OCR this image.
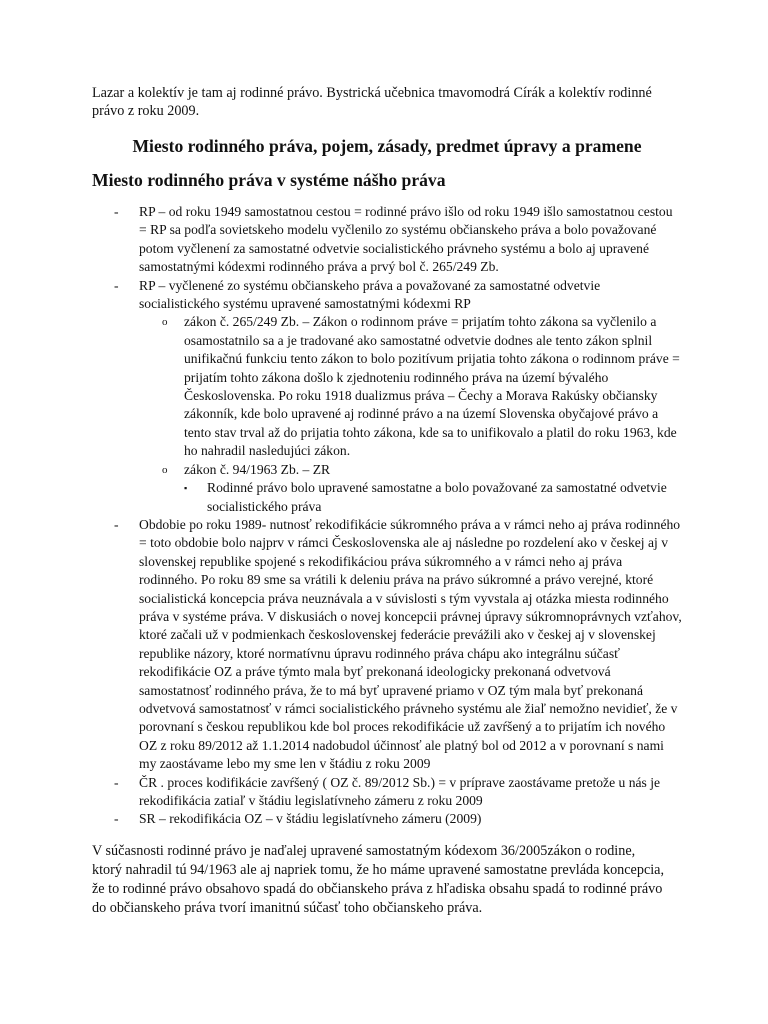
Lazar a kolektív je tam aj rodinné právo. Bystrická učebnica tmavomodrá Círák a kolektív rodinné právo z roku 2009.

Miesto rodinného práva, pojem, zásady, predmet úpravy a pramene
Miesto rodinného práva v systéme nášho práva
- RP – od roku 1949 samostatnou cestou = rodinné právo išlo od roku 1949 išlo samostatnou cestou = RP sa podľa sovietskeho modelu vyčlenilo zo systému občianskeho práva a bolo považované potom vyčlenení za samostatné odvetvie socialistického právneho systému a bolo aj upravené samostatnými kódexmi rodinného práva a prvý bol č. 265/249 Zb.
- RP – vyčlenené zo systému občianskeho práva a považované za samostatné odvetvie socialistického systému upravené samostatnými kódexmi RP
o zákon č. 265/249 Zb. – Zákon o rodinnom práve = prijatím tohto zákona sa vyčlenilo a osamostatnilo sa a je tradované ako samostatné odvetvie dodnes ale tento zákon splnil unifikačnú funkciu tento zákon to bolo pozitívum prijatia tohto zákona o rodinnom práve = prijatím tohto zákona došlo k zjednoteniu rodinného práva na území bývalého Československa. Po roku 1918 dualizmus práva – Čechy a Morava Rakúsky občiansky zákonník, kde bolo upravené aj rodinné právo a na území Slovenska obyčajové právo a tento stav trval až do prijatia tohto zákona, kde sa to unifikovalo a platil do roku 1963, kde ho nahradil nasledujúci zákon.
o zákon č. 94/1963 Zb. – ZR
▪ Rodinné právo bolo upravené samostatne a bolo považované za samostatné odvetvie socialistického práva
- Obdobie po roku 1989- nutnosť rekodifikácie súkromného práva a v rámci neho aj práva rodinného = toto obdobie bolo najprv v rámci Československa ale aj následne po rozdelení ako v českej aj v slovenskej republike spojené s rekodifikáciou práva súkromného a v rámci neho aj práva rodinného. Po roku 89 sme sa vrátili k deleniu práva na právo súkromné a právo verejné, ktoré socialistická koncepcia práva neuznávala a v súvislosti s tým vyvstala aj otázka miesta rodinného práva v systéme práva. V diskusiách o novej koncepcii právnej úpravy súkromnoprávnych vzťahov, ktoré začali už v podmienkach československej federácie prevážili ako v českej aj v slovenskej republike názory, ktoré normatívnu úpravu rodinného práva chápu ako integrálnu súčasť rekodifikácie OZ a práve týmto mala byť prekonaná ideologicky prekonaná odvetvová samostatnosť rodinného práva, že to má byť upravené priamo v OZ tým mala byť prekonaná odvetvová samostatnosť v rámci socialistického právneho systému ale žiaľ nemožno nevidieť, že v porovnaní s českou republikou kde bol proces rekodifikácie už zavŕšený a to prijatím ich nového OZ z roku 89/2012 až 1.1.2014 nadobudol účinnosť ale platný bol od 2012 a v porovnaní s nami my zaostávame lebo my sme len v štádiu z roku 2009
- ČR . proces kodifikácie zavŕšený ( OZ č. 89/2012 Sb.) = v príprave zaostávame pretože u nás je rekodifikácia zatiaľ v štádiu legislatívneho zámeru z roku 2009
- SR – rekodifikácia OZ – v štádiu legislatívneho zámeru (2009)

V súčasnosti rodinné právo je naďalej upravené samostatným kódexom 36/2005zákon o rodine, ktorý nahradil tú 94/1963 ale aj napriek tomu, že ho máme upravené samostatne prevláda koncepcia, že to rodinné právo obsahovo spadá do občianskeho práva z hľadiska obsahu spadá to rodinné právo do občianskeho práva tvorí imanitnú súčasť toho občianskeho práva.
